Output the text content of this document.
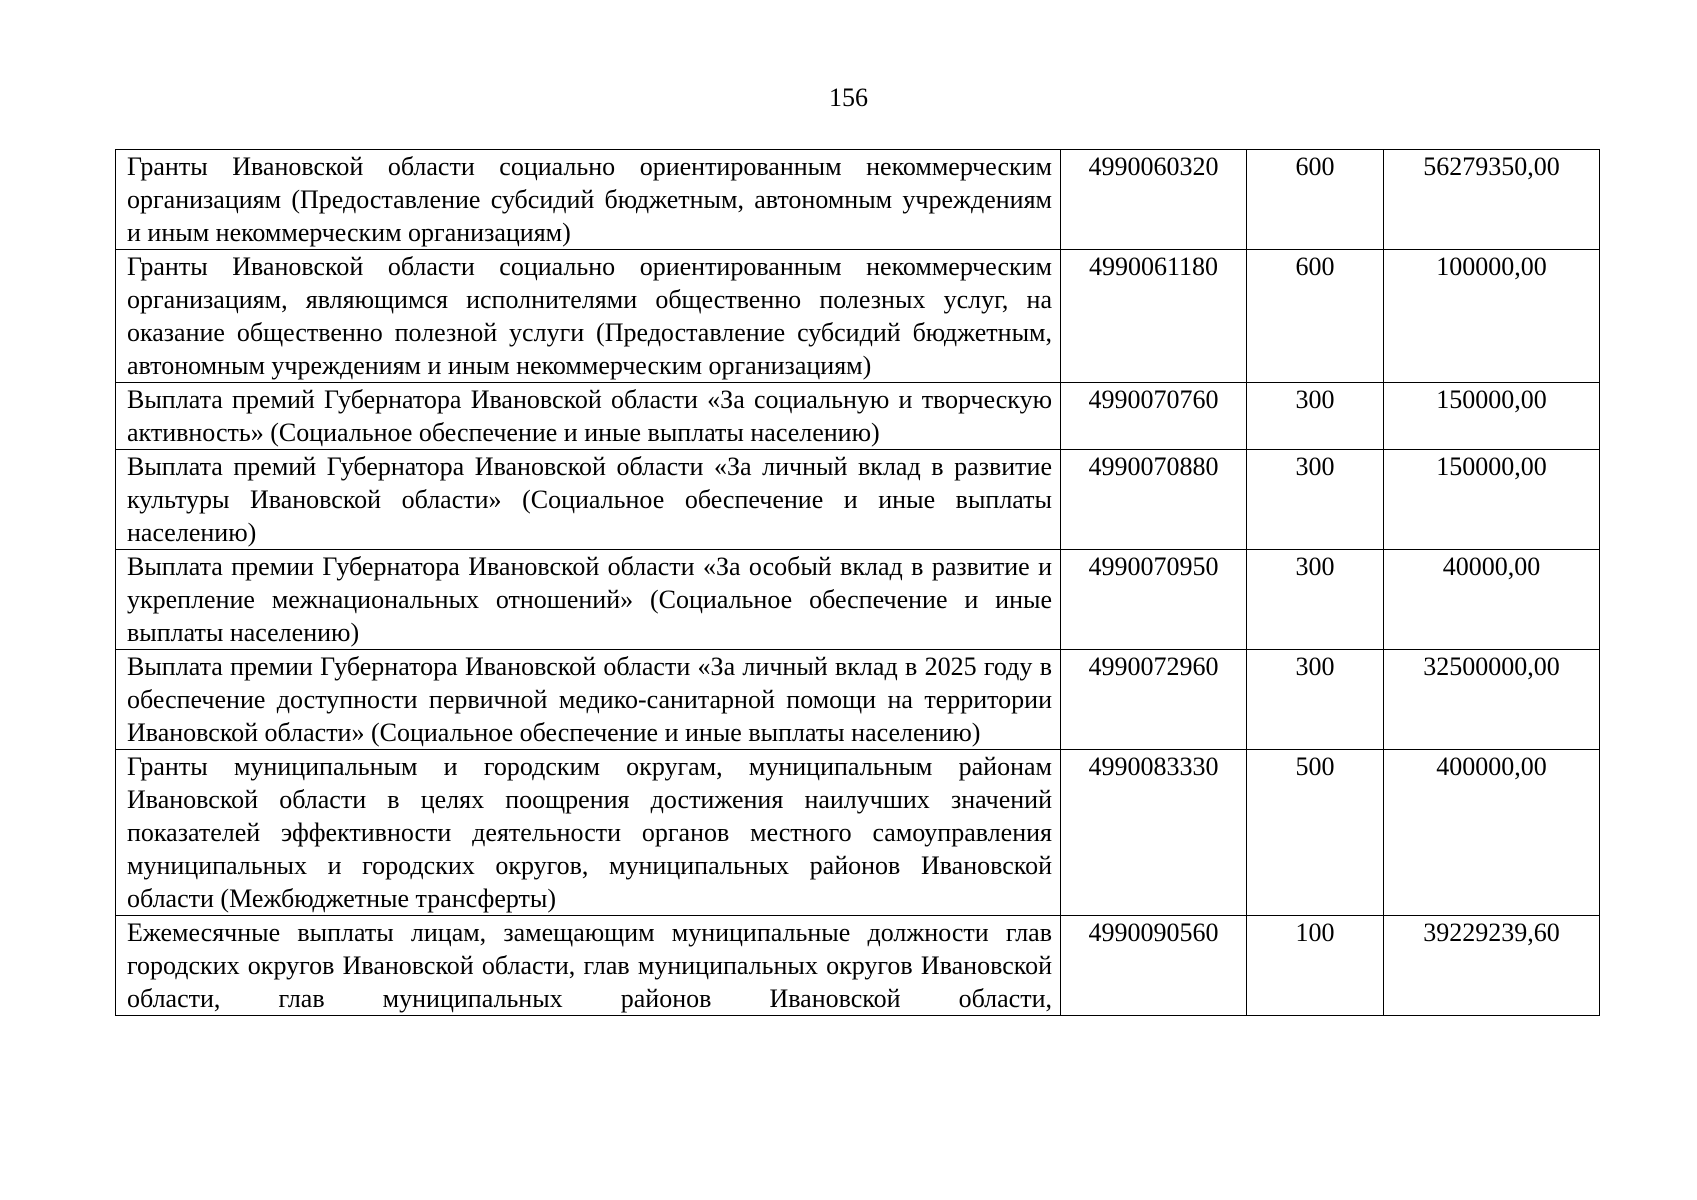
156
Гранты Ивановской области социально ориентированным некоммерческим организациям (Предоставление субсидий бюджетным, автономным учреждениям и иным некоммерческим организациям)	4990060320	600	56279350,00
Гранты Ивановской области социально ориентированным некоммерческим организациям, являющимся исполнителями общественно полезных услуг, на оказание общественно полезной услуги (Предоставление субсидий бюджетным, автономным учреждениям и иным некоммерческим организациям)	4990061180	600	100000,00
Выплата премий Губернатора Ивановской области «За социальную и творческую активность» (Социальное обеспечение и иные выплаты населению)	4990070760	300	150000,00
Выплата премий Губернатора Ивановской области «За личный вклад в развитие культуры Ивановской области» (Социальное обеспечение и иные выплаты населению)	4990070880	300	150000,00
Выплата премии Губернатора Ивановской области «За особый вклад в развитие и укрепление межнациональных отношений» (Социальное обеспечение и иные выплаты населению)	4990070950	300	40000,00
Выплата премии Губернатора Ивановской области «За личный вклад в 2025 году в обеспечение доступности первичной медико-санитарной помощи на территории Ивановской области» (Социальное обеспечение и иные выплаты населению)	4990072960	300	32500000,00
Гранты муниципальным и городским округам, муниципальным районам Ивановской области в целях поощрения достижения наилучших значений показателей эффективности деятельности органов местного самоуправления муниципальных и городских округов, муниципальных районов Ивановской области (Межбюджетные трансферты)	4990083330	500	400000,00
Ежемесячные выплаты лицам, замещающим муниципальные должности глав городских округов Ивановской области, глав муниципальных округов Ивановской области, глав муниципальных районов Ивановской области,	4990090560	100	39229239,60
